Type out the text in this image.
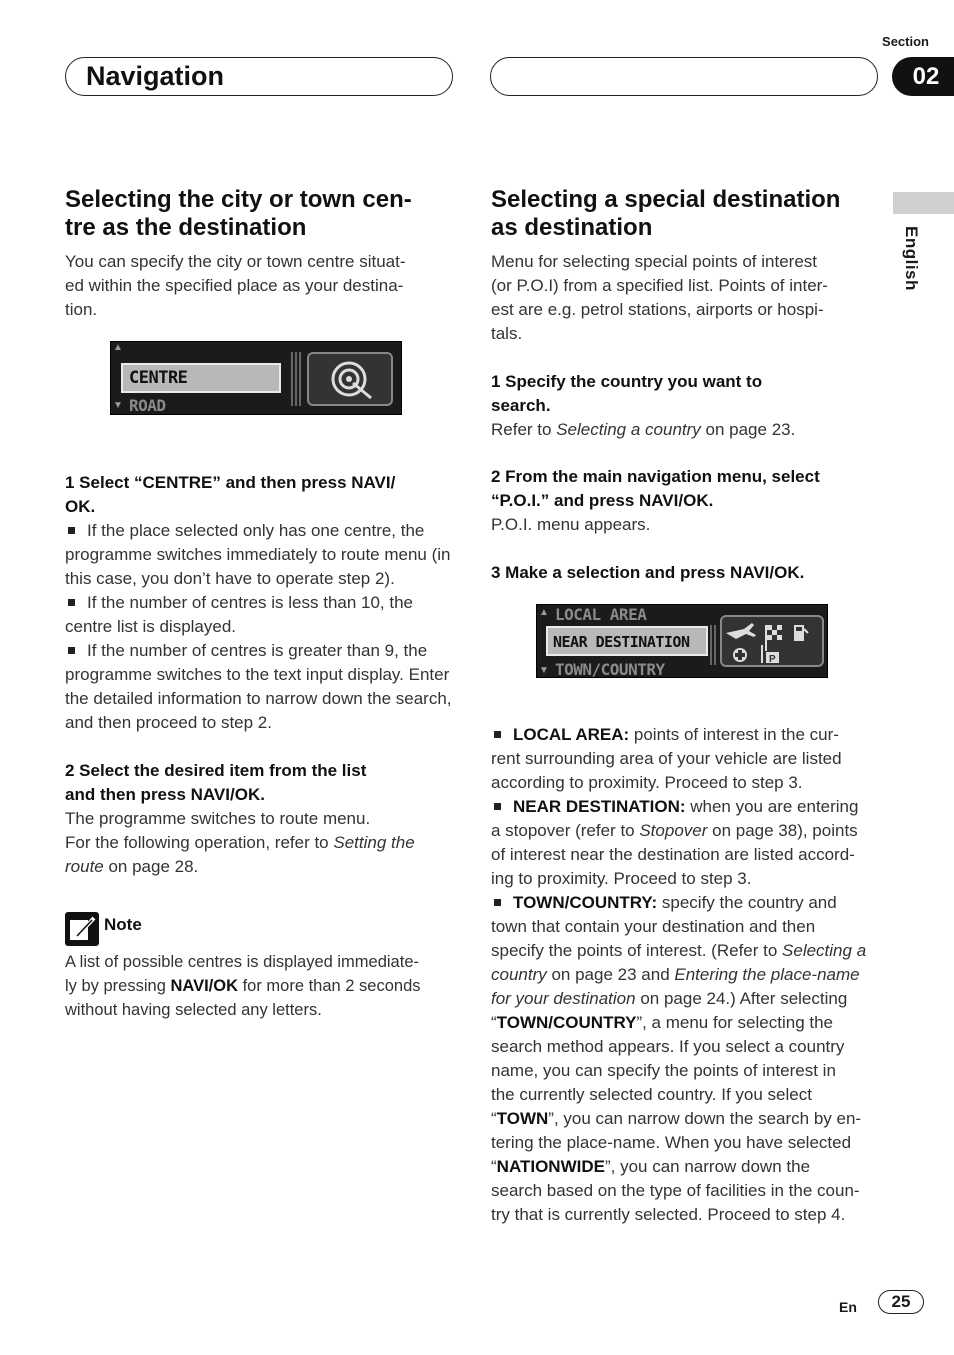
Section
Navigation	02
English
Selecting the city or town cen-
tre as the destination
You can specify the city or town centre situat-
ed within the specified place as your destina-
tion.
▲
CENTRE
▼ ROAD
1 Select “CENTRE” and then press NAVI/
OK.
If the place selected only has one centre, the programme switches immediately to route menu (in this case, you don’t have to operate step 2).
If the number of centres is less than 10, the centre list is displayed.
If the number of centres is greater than 9, the programme switches to the text input display. Enter the detailed information to narrow down the search, and then proceed to step 2.
2 Select the desired item from the list
and then press NAVI/OK.
The programme switches to route menu.
For the following operation, refer to Setting the route on page 28.
Note
A list of possible centres is displayed immediate-
ly by pressing NAVI/OK for more than 2 seconds
without having selected any letters.
Selecting a special destination
as destination
Menu for selecting special points of interest
(or P.O.I) from a specified list. Points of inter-
est are e.g. petrol stations, airports or hospi-
tals.
1 Specify the country you want to
search.
Refer to Selecting a country on page 23.
2 From the main navigation menu, select
“P.O.I.” and press NAVI/OK.
P.O.I. menu appears.
3 Make a selection and press NAVI/OK.
▲ LOCAL AREA
NEAR DESTINATION
▼ TOWN/COUNTRY
P
LOCAL AREA: points of interest in the cur-
rent surrounding area of your vehicle are listed
according to proximity. Proceed to step 3.
NEAR DESTINATION: when you are entering
a stopover (refer to Stopover on page 38), points
of interest near the destination are listed accord-
ing to proximity. Proceed to step 3.
TOWN/COUNTRY: specify the country and
town that contain your destination and then
specify the points of interest. (Refer to Selecting a
country on page 23 and Entering the place-name
for your destination on page 24.) After selecting
“TOWN/COUNTRY”, a menu for selecting the
search method appears. If you select a country
name, you can specify the points of interest in
the currently selected country. If you select
“TOWN”, you can narrow down the search by en-
tering the place-name. When you have selected
“NATIONWIDE”, you can narrow down the
search based on the type of facilities in the coun-
try that is currently selected. Proceed to step 4.
En	25
